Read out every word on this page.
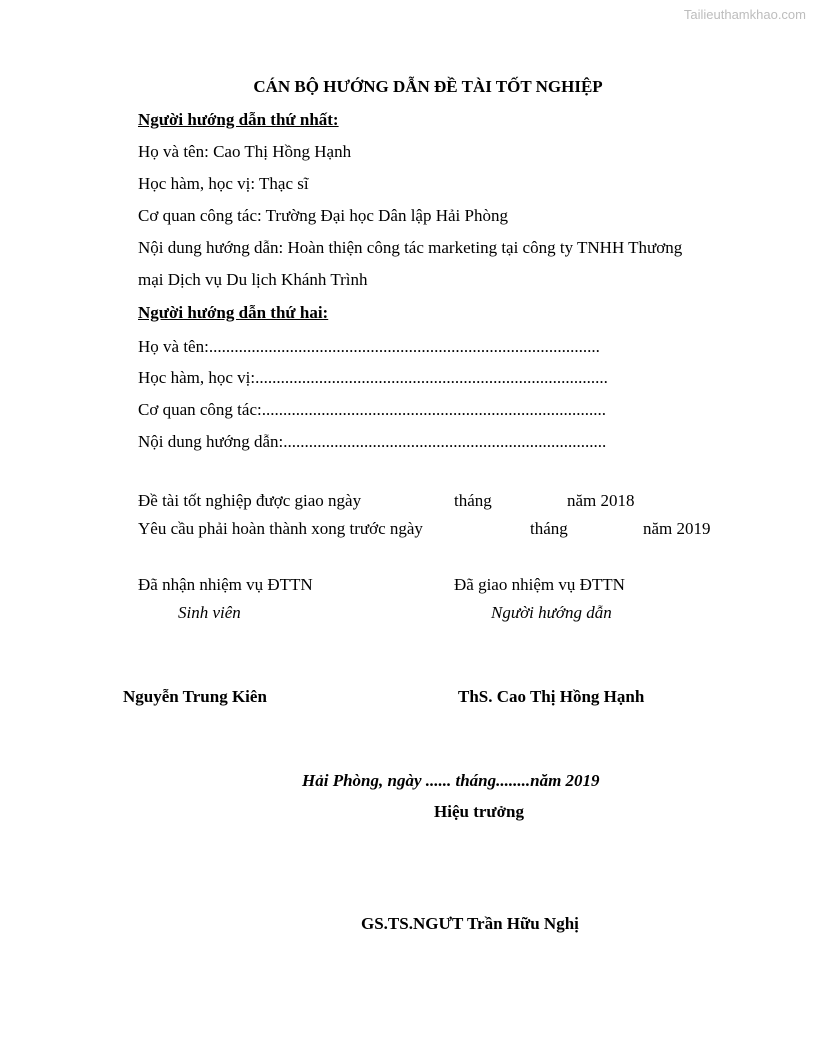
Tailieuthamkhao.com
CÁN BỘ HƯỚNG DẪN ĐỀ TÀI TỐT NGHIỆP
Người hướng dẫn thứ nhất:
Họ và tên: Cao Thị Hồng Hạnh
Học hàm, học vị: Thạc sĩ
Cơ quan công tác: Trường Đại học Dân lập Hải Phòng
Nội dung hướng dẫn: Hoàn thiện công tác marketing tại công ty TNHH Thương
mại Dịch vụ Du lịch Khánh Trình
Người hướng dẫn thứ hai:
Họ và tên:............................................................................................
Học hàm, học vị:...................................................................................
Cơ quan công tác:.................................................................................
Nội dung hướng dẫn:............................................................................
Đề tài tốt nghiệp được giao ngày	tháng	năm 2018
Yêu cầu phải hoàn thành xong trước ngày	tháng	năm 2019
Đã nhận nhiệm vụ ĐTTN	Đã giao nhiệm vụ ĐTTN
Sinh viên	Người hướng dẫn
Nguyễn Trung Kiên	ThS. Cao Thị Hồng Hạnh
Hải Phòng, ngày ...... tháng........năm 2019
Hiệu trưởng
GS.TS.NGƯT Trần Hữu Nghị
